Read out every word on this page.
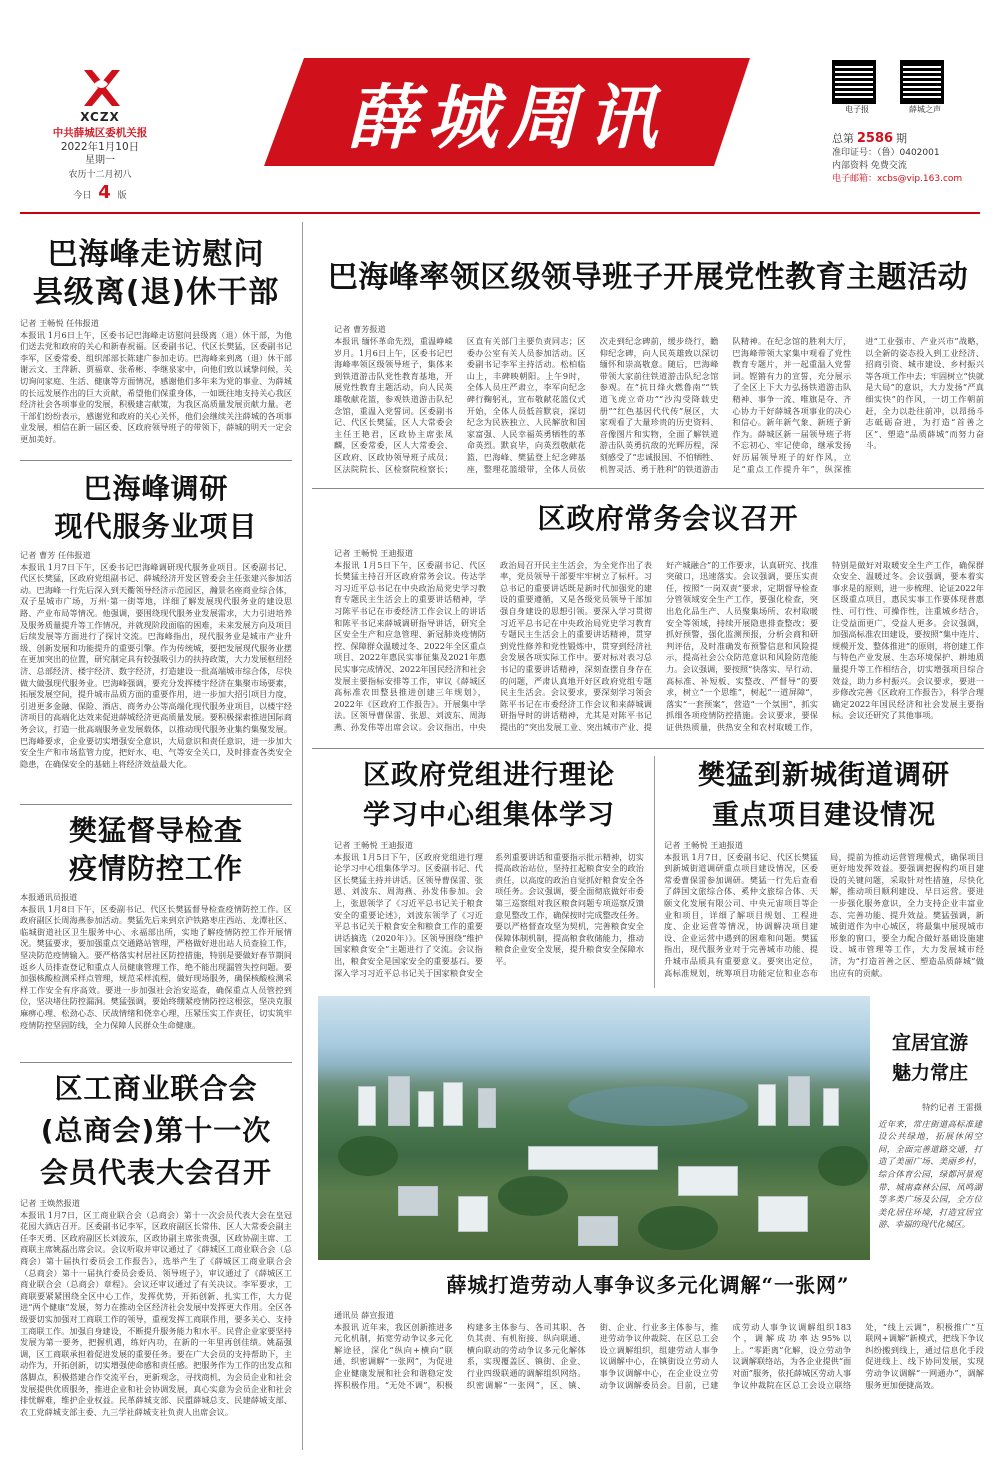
XCZX
中共薛城区委机关报
2022年1月10日
星期一
农历十二月初八
今日 4 版
薛城周讯	电子报	薛城之声
总第 2586 期
准印证号：（鲁）0402001
内部资料 免费交流
电子邮箱：xcbs@vip.163.com
巴海峰走访慰问
县级离(退)休干部
记者 王畅悦 任伟报道
本报讯 1月6日上午，区委书记巴海峰走访慰问县级离（退）休干部，为他们送去党和政府的关心和新春祝福。区委副书记、代区长樊猛，区委副书记李军，区委常委、组织部部长陈建广参加走访。巴海峰来到离（退）休干部谢云文、王萍新、贾福章、张希彬、李继泉家中，向他们致以诚挚问候，关切询问家庭、生活、健康等方面情况，感谢他们多年来为党的事业、为薛城的长远发展作出的巨大贡献，希望他们保重身体，一如既往地支持关心我区经济社会各项事业的发展，积极建言献策，为我区高质量发展贡献力量。老干部们纷纷表示，感谢党和政府的关心关怀，他们会继续关注薛城的各项事业发展，相信在新一届区委、区政府领导班子的带领下，薛城的明天一定会更加美好。
巴海峰调研
现代服务业项目
记者 曹芳 任伟报道
本报讯 1月7日下午，区委书记巴海峰调研现代服务业项目。区委副书记、代区长樊猛，区政府党组副书记、薛城经济开发区管委会主任张建兴参加活动。巴海峰一行先后深入到天衢领导经济示范园区，瀚景名座商业综合体，双子星城市广场，万州·第一街等地，详细了解发展现代服务业的建设思路、产业布局等情况。他强调，要围绕现代服务业发展需求，大力引进培养及服务质量提升等工作情况，并就现阶段面临的困难，未来发展方向及项目后续发展等方面进行了探讨交流。巴海峰指出，现代服务业是城市产业升级、创新发展和功能提升的重要引擎。作为传统城，要把发展现代服务业摆在更加突出的位置，研究制定具有较强吸引力的扶持政策，大力发展枢纽经济、总部经济、楼宇经济、数字经济，打造建设一批高端城市综合体，尽快做大做强现代服务业。巴海峰强调，要充分发挥楼宇经济在集聚市场要素，拓展发展空间，提升城市品质方面的重要作用，进一步加大招引项目力度，引进更多金融、保险、酒店、商务办公等高端化现代服务业项目，以楼宇经济项目的高端化达效来促进薛城经济更高质量发展。要积极探索推进国际商务会议，打造一批高端服务业发展载体，以推动现代服务业集约集聚发展。巴海峰要求，企业要切实增强安全意识，大局意识和责任意识，进一步加大安全生产和市场监管力度，把好水、电、气等安全关口，及时排查各类安全隐患，在确保安全的基础上将经济效益最大化。
樊猛督导检查
疫情防控工作
本报通讯员报道
本报讯 1月8日下午，区委副书记、代区长樊猛督导检查疫情防控工作。区政府副区长周海燕参加活动。樊猛先后来到京沪铁路枣庄西站、龙潭社区、临城街道社区卫生服务中心、永福部出所，实地了解疫情防控工作开展情况。樊猛要求，要加强重点交通路站管理，严格做好进出站人员查验工作，坚决防范疫情输入。要严格落实村居社区防控措施，特别是要做好春节期间返乡人员排查登记和重点人员健康管理工作，绝不能出现漏管失控问题。要加强核酸检测采样点管理，规范采样流程，做好现场服务，确保核酸检测采样工作安全有序高效。要进一步加强社会治安巡查，确保重点人员管控到位，坚决堵住防控漏洞。樊猛强调，要始终绷紧疫情防控这根弦，坚决克服麻痹心理、松劲心态、厌战情绪和侥幸心理，压紧压实工作责任，切实筑牢疫情防控坚固防线，全力保障人民群众生命健康。
区工商业联合会
(总商会)第十一次
会员代表大会召开
记者 王焕然报道
本报讯 1月7日，区工商业联合会（总商会）第十一次会员代表大会在皇冠花园大酒店召开。区委副书记李军，区政府副区长常伟、区人大常委会副主任李天勇、区政府副区长刘波东，区政协副主席张贵强，区政协副主席、工商联主席姚磊出席会议。会议听取并审议通过了《薛城区工商业联合会（总商会）第十届执行委员会工作报告》，选举产生了《薛城区工商业联合会（总商会）第十一届执行委员会委员、领导班子》，审议通过了《薛城区工商业联合会（总商会）章程》。会议还审议通过了有关决议。李军要求，工商联要紧紧围绕全区中心工作，发挥优势，开拓创新、扎实工作，大力促进“两个健康”发展，努力在推动全区经济社会发展中发挥更大作用。全区各级要切实加强对工商联工作的领导，重视发挥工商联作用，要多关心、支持工商联工作。加强自身建设，不断提升服务能力和水平。民营企业家要坚持发展为第一要务，把握机遇，练好内功，在新的一年里再创佳绩。姚磊强调，区工商联承担着促进发展的重要任务。要在广大会员的支持帮助下，主动作为，开拓创新，切实增强使命感和责任感。把服务作为工作的出发点和落脚点，积极搭建合作交流平台，更新观念，寻找商机，为会员企业和社会发展提供优质服务，推进企业和社会协调发展，真心实意为会员企业和社会排忧解难，维护企业权益。民革薛城支部、民盟薛城总支、民建薛城支部、农工党薛城支部主委、九三学社薛城支社负责人出席会议。
巴海峰率领区级领导班子开展党性教育主题活动
记者 曹芳报道
本报讯 缅怀革命先烈，重温峥嵘岁月。1月6日上午，区委书记巴海峰率领区级领导班子，集体来到铁道游击队党性教育基地，开展党性教育主题活动，向人民英雄敬献花篮，参观铁道游击队纪念馆，重温入党誓词。区委副书记、代区长樊猛，区人大常委会主任王艳君，区政协主席张凤麟，区委常委，区人大常委会、区政府、区政协领导班子成员；区法院院长、区检察院检察长；区直有关部门主要负责同志；区委办公室有关人员参加活动。区委副书记李军主持活动。松柏临山上，丰碑映朝阳。上午9时，全体人员庄严肃立，李军向纪念碑行鞠躬礼，宣布敬献花篮仪式开始，全体人员低首默哀，深切纪念为民族独立、人民解放和国家富强、人民幸福英勇牺牲的革命英烈。默哀毕，向英烈敬献花篮，巴海峰、樊猛登上纪念碑基座，整理花篮缎带，全体人员依次走到纪念碑前，缓步绕行，瞻仰纪念碑，向人民英雄致以深切缅怀和崇高敬意。随后，巴海峰带领大家前往铁道游击队纪念馆参观。在“抗日烽火燃鲁南”“铁道飞虎立奇功”“沙沟受降载史册”“红色基因代代传”展区，大家观看了大量珍贵的历史资料、音像图片和实物，全面了解铁道游击队英勇抗敌的光辉历程，深刻感受了“忠诚报国、不怕牺牲、机智灵活、勇于胜利”的铁道游击队精神。在纪念馆的胜利大厅，巴海峰带领大家集中观看了党性教育专题片，并一起重温入党誓词。铿锵有力的宣誓，充分展示了全区上下大力弘扬铁道游击队精神、事争一流、唯旗是夺、齐心协力干好薛城各项事业的决心和信心。新年新气象、新班子新作为。薛城区新一届领导班子将不忘初心、牢记使命，继承发扬好历届领导班子的好作风，立足“重点工作提升年”，纵深推进“工业强市、产业兴市”战略，以全新的姿态投入到工业经济、招商引资、城市建设、乡村振兴等各项工作中去；牢固树立“快就是大局”的意识，大力发扬“严真细实快”的作风，一切工作朝前赶，全力以赴往前冲，以昂扬斗志砥砺奋进，为打造“首善之区”、塑造“品质薛城”而努力奋斗。
区政府常务会议召开
记者 王畅悦 王迪报道
本报讯 1月5日下午，区委副书记、代区长樊猛主持召开区政府常务会议。传达学习习近平总书记在中央政治局党史学习教育专题民主生活会上的重要讲话精神，学习陈平书记在市委经济工作会议上的讲话和陈平书记来薛城调研指导讲话，研究全区安全生产和应急管理、新冠肺炎疫情防控、保障群众温暖过冬、2022年全区重点项目、2022年惠民实事征集及2021年惠民实事完成情况、2022年国民经济和社会发展主要指标安排等工作，审议《薛城区高标准农田整县推进创建三年规划》，2022年《区政府工作报告》。开展集中学法。区领导曹保雷、张恩、刘波东、周海燕、孙发伟等出席会议。会议指出，中央政治局召开民主生活会，为全党作出了表率，党员领导干部要牢牢树立了标杆。习总书记的重要讲话既是新时代加强党的建设的重要遵循，又是各级党员领导干部加强自身建设的思想引领。要深入学习贯彻习近平总书记在中央政治局党史学习教育专题民主生活会上的重要讲话精神，贯穿到党性修养和党性锻炼中，贯穿到经济社会发展各项实际工作中。要对标对表习总书记的重要讲话精神，深刻查摆自身存在的问题，严肃认真地开好区政府党组专题民主生活会。会议要求，要深刻学习领会陈平书记在市委经济工作会议和来薛城调研指导时的讲话精神，尤其是对陈平书记提出的“突出发展工业、突出城市产业、提好产城融合”的工作要求，认真研究、找准突破口，迅速落实。会议强调，要压实责任，按照“一岗双责”要求，定期督导检查分管领域安全生产工作，要强化检查，突出危化品生产、人员聚集场所、农村取暖安全等领域，持续开展隐患排查整改；要抓好预警，强化监测预报，分析会商和研判评估，及时准确发布预警信息和风险提示，提高社会公众防范意识和风险防范能力。会议强调，要按照“快落实、早行动、高标准、补短板、实整改、严督导”的要求，树立“一个思维”，树起“一道屏障”，落实“一套预案”，营造“一个氛围”，抓实抓细各项疫情防控措施。会议要求，要保证供热质量，供热安全和农村取暖工作，特别是做好对取暖安全生产工作，确保群众安全、温暖过冬。会议强调，要本着实事求是的原则，进一步梳理、论证2022年区级重点项目，惠民实事工作要体现普惠性、可行性、可操作性，注重城乡结合，让受益面更广，受益人更多。会议强调，加强高标准农田建设，要按照“集中连片、规模开发、整体推进”的原则，将创建工作与特色产业发展、生态环境保护、耕地质量提升等工作相结合，切实增强项目综合效益，助力乡村振兴。会议要求，要进一步修改完善《区政府工作报告》，科学合理确定2022年国民经济和社会发展主要指标。会议还研究了其他事项。
区政府党组进行理论
学习中心组集体学习
记者 王畅悦 王迪报道
本报讯 1月5日下午，区政府党组进行理论学习中心组集体学习。区委副书记、代区长樊猛主持并讲话。区领导曹保雷、张恩、刘波东、周海燕、孙发伟参加。会上，张恩领学了《习近平总书记关于粮食安全的重要论述》，刘波东领学了《习近平总书记关于粮食安全和粮食工作的重要讲话摘选（2020年）》。区领导围绕“维护国家粮食安全”主题进行了交流。会议指出，粮食安全是国家安全的重要基石。要深入学习习近平总书记关于国家粮食安全系列重要讲话和重要指示批示精神，切实提高政治站位，坚持扛起粮食安全的政治责任，以高度的政治自觉抓好粮食安全各项任务。会议强调，要全面彻底做好市委第三巡察组对我区粮食问题专项巡察反馈意见整改工作，确保按时完成整改任务。要以严格督查攻坚为契机，完善粮食安全保障体制机制，提高粮食收储能力，推动粮食企业安全发展，提升粮食安全保障水平。
樊猛到新城街道调研
重点项目建设情况
记者 王畅悦 王迪报道
本报讯 1月7日，区委副书记、代区长樊猛到新城街道调研重点项目建设情况，区委常委曹保雷参加调研。樊猛一行先后查看了薛国文旅综合体、奚仲文旅综合体、天颐文化发展有限公司、中央元宙项目等企业和项目，详细了解项目规划、工程进度、企业运营等情况，协调解决项目建设、企业运营中遇到的困难和问题。樊猛指出，现代服务业对于完善城市功能、提升城市品质具有重要意义。要突出定位，高标准规划，统筹项目功能定位和业态布局，提前为推动运营管理模式，确保项目更好地发挥效益。要强调把握构约项目建设的关键问题，采取针对性措施，尽快化解，推动项目顺利建设、早日运营。要进一步强化服务意识，全力支持企业丰富业态、完善功能、提升效益。樊猛强调，新城街道作为中心城区，将最集中展现城市形象的窗口，要全力配合做好基础设施建设、城市管理等工作，大力发展城市经济，为“打造首善之区、塑造品质薛城”做出应有的贡献。
宜居宜游
魅力常庄
特约记者 王雷摄
近年来，常庄街道高标准建设公共绿地，拓展休闲空间，全面完善道路交通，打造了美丽广场、美丽乡村，综合体育公园，绿都河景观带、城南森林公园、凤鸣湖等多类广场及公园，全方位美化居住环境，打造宜居宜游、幸福的现代化城区。
薛城打造劳动人事争议多元化调解“一张网”
通讯员 薛宣报道
本报讯 近年来，我区创新推进多元化机制，拓宽劳动争议多元化解途径，深化“纵向+横向”联通，织密调解“一张网”，为促进企业健康发展和社会和谐稳定发挥积极作用。“无处不调”，积极构建多主体参与、各司其职、各负其责、有机衔接、纵向联通、横向联动的劳动争议多元化解体系，实现覆盖区、镇街、企业、行业四级联通的调解组织网络。织密调解“一张网”，区、镇、街、企业、行业多主体参与，推进劳动争议仲裁院、在区总工会设立调解组织，组建劳动人事争议调解中心，在镇街设立劳动人事争议调解中心，在企业设立劳动争议调解委员会。目前，已建成劳动人事争议调解组织183个，调解成功率达95%以上。“零距离”化解，设立劳动争议调解联络站，为各企业提供“面对面”服务，依托薛城区劳动人事争议仲裁院在区总工会设立联络处，“线上云调”，积极推广“互联网+调解”新模式，把线下争议纠纷搬到线上，通过信息化手段促进线上、线下协同发展，实现劳动争议调解“一网通办”，调解服务更加便捷高效。
